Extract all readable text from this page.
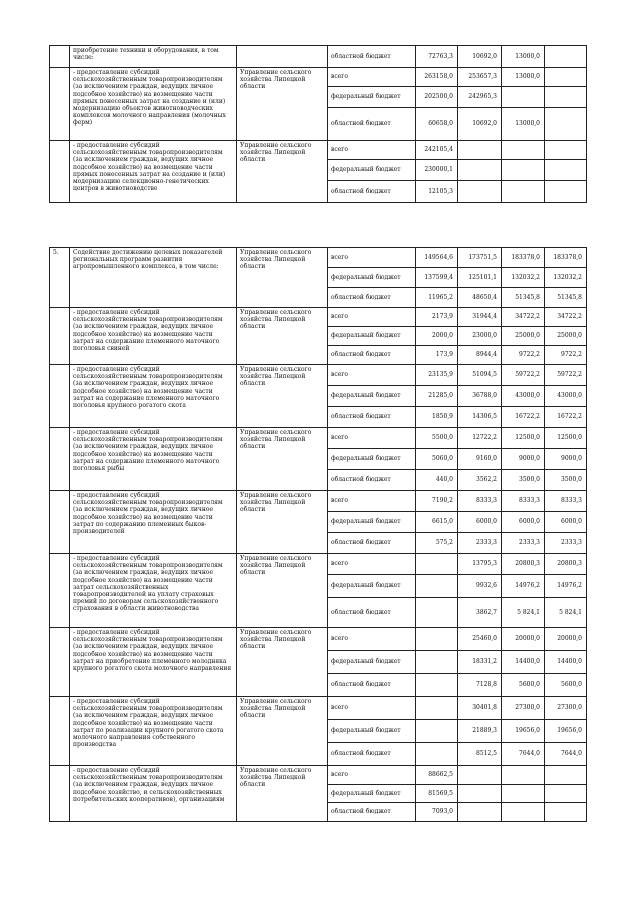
	приобретение техники и оборудования, в том числе:		областной бюджет	72763,3	10692,0	13000,0	
	- предоставление субсидий сельскохозяйственным товаропроизводителям (за исключением граждан, ведущих личное подсобное хозяйство) на возмещение части прямых понесенных затрат на создание и (или) модернизацию объектов животноводческих комплексов молочного направления (молочных ферм)	Управление сельского хозяйства Липецкой области	всего	263158,0	253657,3	13000,0	
			федеральный бюджет	202500,0	242965,3		
			областной бюджет	60658,0	10692,0	13000,0	
	- предоставление субсидий сельскохозяйственным товаропроизводителям (за исключением граждан, ведущих личное подсобное хозяйство) на возмещение части прямых понесенных затрат на создание и (или) модернизацию селекционно-генетических центров в животноводстве	Управление сельского хозяйства Липецкой области	всего	242105,4			
			федеральный бюджет	230000,1			
			областной бюджет	12105,3			
5.	Содействие достижению целевых показателей региональных программ развития агропромышленного комплекса, в том числе:	Управление сельского хозяйства Липецкой области	всего	149564,6	173751,5	183378,0	183378,0
			федеральный бюджет	137599,4	125101,1	132032,2	132032,2
			областной бюджет	11965,2	48650,4	51345,8	51345,8
	- предоставление субсидий сельскохозяйственным товаропроизводителям (за исключением граждан, ведущих личное подсобное хозяйство) на возмещение части затрат на содержание племенного маточного поголовья свиней	Управление сельского хозяйства Липецкой области	всего	2173,9	31944,4	34722,2	34722,2
			федеральный бюджет	2000,0	23000,0	25000,0	25000,0
			областной бюджет	173,9	8944,4	9722,2	9722,2
	- предоставление субсидий сельскохозяйственным товаропроизводителям (за исключением граждан, ведущих личное подсобное хозяйство) на возмещение части затрат на содержание племенного маточного поголовья крупного рогатого скота	Управление сельского хозяйства Липецкой области	всего	23135,9	51094,5	59722,2	59722,2
			федеральный бюджет	21285,0	36788,0	43000,0	43000,0
			областной бюджет	1850,9	14306,5	16722,2	16722,2
	- предоставление субсидий сельскохозяйственным товаропроизводителям (за исключением граждан, ведущих личное подсобное хозяйство) на возмещение части затрат на содержание племенного маточного поголовья рыбы	Управление сельского хозяйства Липецкой области	всего	5500,0	12722,2	12500,0	12500,0
			федеральный бюджет	5060,0	9160,0	9000,0	9000,0
			областной бюджет	440,0	3562,2	3500,0	3500,0
	- предоставление субсидий сельскохозяйственным товаропроизводителям (за исключением граждан, ведущих личное подсобное хозяйство) на возмещение части затрат по содержанию племенных быков-производителей	Управление сельского хозяйства Липецкой области	всего	7190,2	8333,3	8333,3	8333,3
			федеральный бюджет	6615,0	6000,0	6000,0	6000,0
			областной бюджет	575,2	2333,3	2333,3	2333,3
	- предоставление субсидий сельскохозяйственным товаропроизводителям (за исключением граждан, ведущих личное подсобное хозяйство) на возмещение части затрат сельскохозяйственных товаропроизводителей на уплату страховых премий по договорам сельскохозяйственного страхования в области животноводства	Управление сельского хозяйства Липецкой области	всего		13795,3	20800,3	20800,3
			федеральный бюджет		9932,6	14976,2	14976,2
			областной бюджет		3862,7	5 824,1	5 824,1
	- предоставление субсидий сельскохозяйственным товаропроизводителям (за исключением граждан, ведущих личное подсобное хозяйство) на возмещение части затрат на приобретение племенного молодняка крупного рогатого скота молочного направления	Управление сельского хозяйства Липецкой области	всего		25460,0	20000,0	20000,0
			федеральный бюджет		18331,2	14400,0	14400,0
			областной бюджет		7128,8	5600,0	5600,0
	- предоставление субсидий сельскохозяйственным товаропроизводителям (за исключением граждан, ведущих личное подсобное хозяйство) на возмещение части затрат по реализации крупного рогатого скота молочного направления собственного производства	Управление сельского хозяйства Липецкой области	всего		30401,8	27300,0	27300,0
			федеральный бюджет		21889,3	19656,0	19656,0
			областной бюджет		8512,5	7644,0	7644,0
	- предоставление субсидий сельскохозяйственным товаропроизводителям (за исключением граждан, ведущих личное подсобное хозяйство, и сельскохозяйственных потребительских кооперативов), организациям	Управление сельского хозяйства Липецкой области	всего	88662,5			
			федеральный бюджет	81569,5			
			областной бюджет	7093,0			
